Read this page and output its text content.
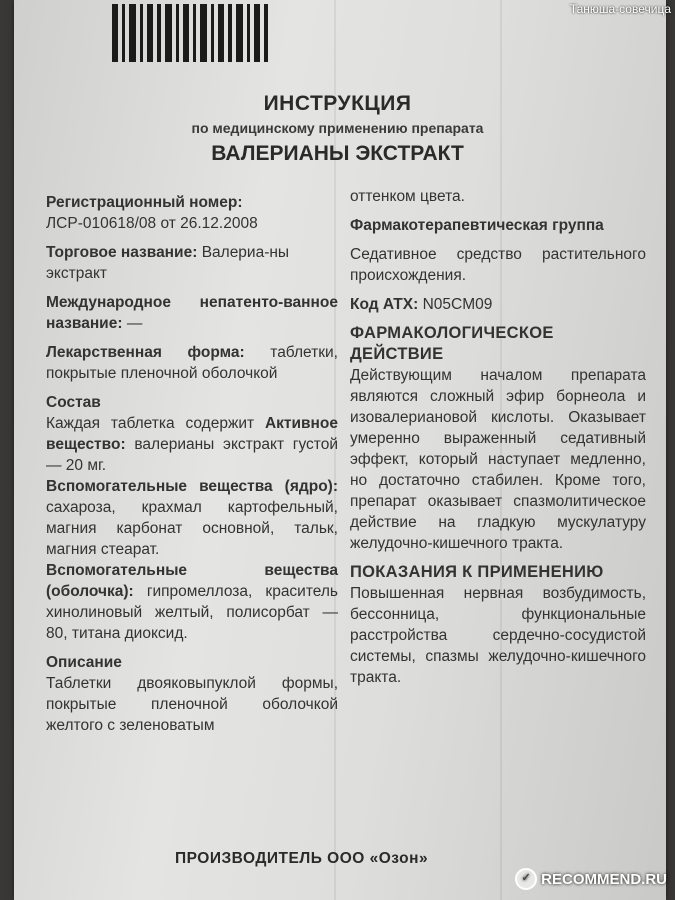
Танюша-совечица
ИНСТРУКЦИЯ
по медицинскому применению препарата
ВАЛЕРИАНЫ ЭКСТРАКТ

Регистрационный номер:

ЛСР-010618/08 от 26.12.2008

Торговое название: Валериа-ны экстракт

Международное непатенто-ванное название: —

Лекарственная форма: таблетки, покрытые пленочной оболочкой

Состав

Каждая таблетка содержит Активное вещество: валерианы экстракт густой — 20 мг.

Вспомогательные вещества (ядро): сахароза, крахмал картофельный, магния карбонат основной, тальк, магния стеарат.

Вспомогательные вещества (оболочка): гипромеллоза, краситель хинолиновый желтый, полисорбат — 80, титана диоксид.

Описание

Таблетки двояковыпуклой формы, покрытые пленочной оболочкой желтого с зеленоватым

оттенком цвета.

Фармакотерапевтическая группа

Седативное средство растительного происхождения.

Код АТХ: N05CM09

ФАРМАКОЛОГИЧЕСКОЕ ДЕЙСТВИЕ

Действующим началом препарата являются сложный эфир борнеола и изовалериановой кислоты. Оказывает умеренно выраженный седативный эффект, который наступает медленно, но достаточно стабилен. Кроме того, препарат оказывает спазмолитическое действие на гладкую мускулатуру желудочно-кишечного тракта.

ПОКАЗАНИЯ К ПРИМЕНЕНИЮ

Повышенная нервная возбудимость, бессонница, функциональные расстройства сердечно-сосудистой системы, спазмы желудочно-кишечного тракта.

ПРОИЗВОДИТЕЛЬ ООО «Озон»
✓ RECOMMEND.RU
